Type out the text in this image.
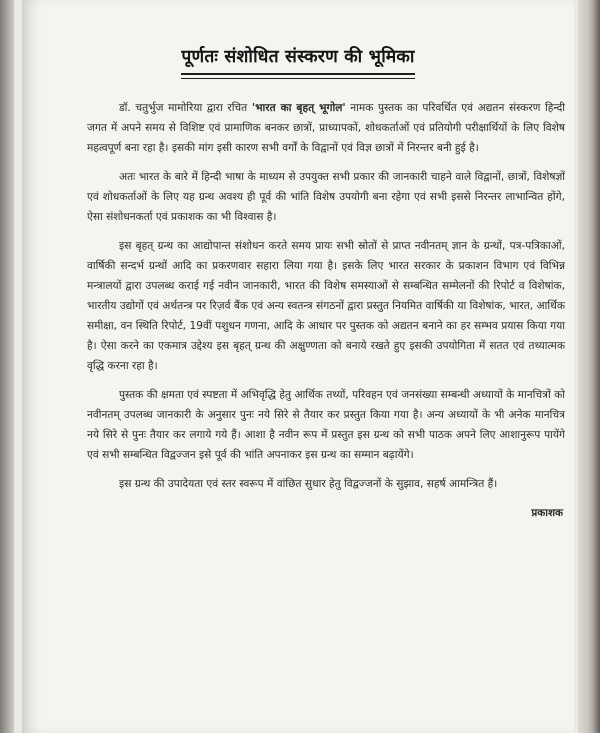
पूर्णतः संशोधित संस्करण की भूमिका

डॉ. चतुर्भुज मामोरिया द्वारा रचित 'भारत का बृहत् भूगोल' नामक पुस्तक का परिवर्धित एवं अद्यतन संस्करण हिन्दी जगत में अपने समय से विशिष्ट एवं प्रामाणिक बनकर छात्रों, प्राध्यापकों, शोधकर्ताओं एवं प्रतियोगी परीक्षार्थियों के लिए विशेष महत्वपूर्ण बना रहा है। इसकी मांग इसी कारण सभी वर्गों के विद्वानों एवं विज्ञ छात्रों में निरन्तर बनी हुई है।

अतः भारत के बारे में हिन्दी भाषा के माध्यम से उपयुक्त सभी प्रकार की जानकारी चाहने वाले विद्वानों, छात्रों, विशेषज्ञों एवं शोधकर्ताओं के लिए यह ग्रन्थ अवश्य ही पूर्व की भांति विशेष उपयोगी बना रहेगा एवं सभी इससे निरन्तर लाभान्वित होंगे, ऐसा संशोधनकर्ता एवं प्रकाशक का भी विश्वास है।

इस बृहत् ग्रन्थ का आद्योपान्त संशोधन करते समय प्रायः सभी स्रोतों से प्राप्त नवीनतम् ज्ञान के ग्रन्थों, पत्र-पत्रिकाओं, वार्षिकी सन्दर्भ ग्रन्थों आदि का प्रकरणवार सहारा लिया गया है। इसके लिए भारत सरकार के प्रकाशन विभाग एवं विभिन्न मन्त्रालयों द्वारा उपलब्ध कराई गई नवीन जानकारी, भारत की विशेष समस्याओं से सम्बन्धित सम्मेलनों की रिपोर्ट व विशेषांक, भारतीय उद्योगों एवं अर्थतन्त्र पर रिज़र्व बैंक एवं अन्य स्वतन्त्र संगठनों द्वारा प्रस्तुत नियमित वार्षिकी या विशेषांक, भारत, आर्थिक समीक्षा, वन स्थिति रिपोर्ट, 19वीं पशुधन गणना, आदि के आधार पर पुस्तक को अद्यतन बनाने का हर सम्भव प्रयास किया गया है। ऐसा करने का एकमात्र उद्देश्य इस बृहत् ग्रन्थ की अक्षुण्णता को बनाये रखते हुए इसकी उपयोगिता में सतत एवं तथ्यात्मक वृद्धि करना रहा है।

पुस्तक की क्षमता एवं स्पष्टता में अभिवृद्धि हेतु आर्थिक तथ्यों, परिवहन एवं जनसंख्या सम्बन्धी अध्यायों के मानचित्रों को नवीनतम् उपलब्ध जानकारी के अनुसार पुनः नये सिरे से तैयार कर प्रस्तुत किया गया है। अन्य अध्यायों के भी अनेक मानचित्र नये सिरे से पुनः तैयार कर लगाये गये हैं। आशा है नवीन रूप में प्रस्तुत इस ग्रन्थ को सभी पाठक अपने लिए आशानुरूप पायेंगे एवं सभी सम्बन्धित विद्वज्जन इसे पूर्व की भांति अपनाकर इस ग्रन्थ का सम्मान बढ़ायेंगे।

इस ग्रन्थ की उपादेयता एवं स्तर स्वरूप में वांछित सुधार हेतु विद्वज्जनों के सुझाव, सहर्ष आमन्त्रित हैं।

प्रकाशक
